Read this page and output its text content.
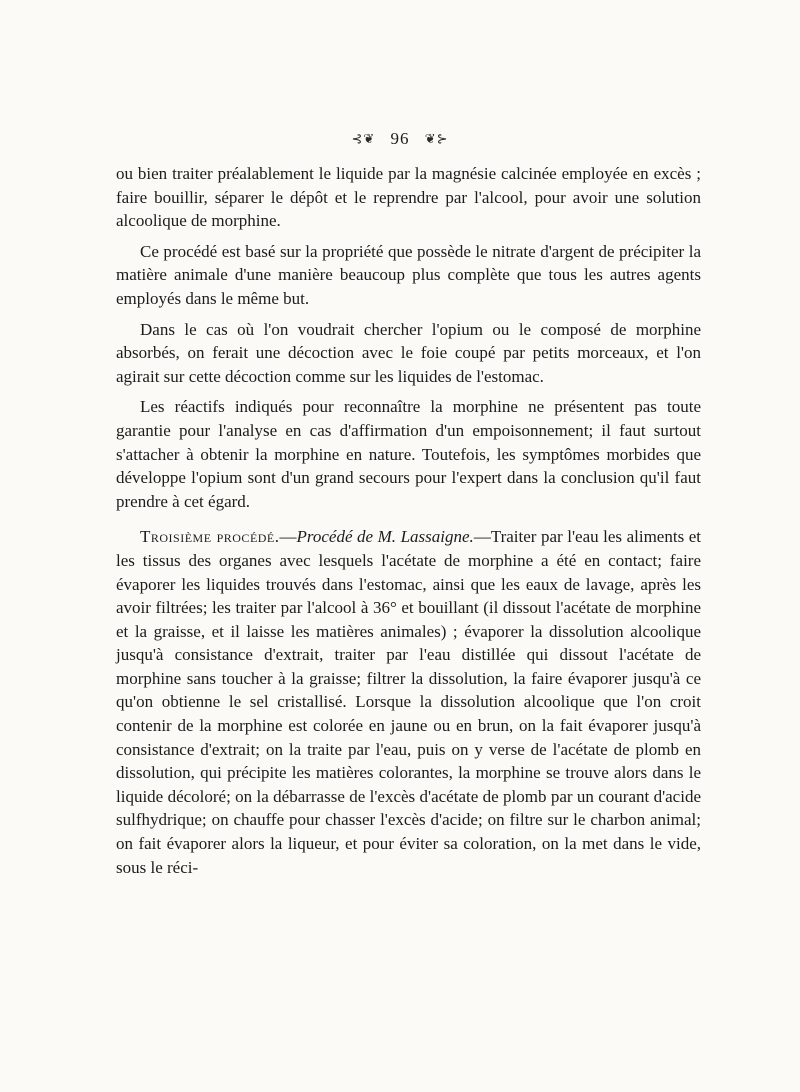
⊰❦ 96 ❦⊱

ou bien traiter préalablement le liquide par la magnésie calcinée employée en excès ; faire bouillir, séparer le dépôt et le reprendre par l'alcool, pour avoir une solution alcoolique de morphine.

Ce procédé est basé sur la propriété que possède le nitrate d'argent de précipiter la matière animale d'une manière beaucoup plus complète que tous les autres agents employés dans le même but.

Dans le cas où l'on voudrait chercher l'opium ou le composé de morphine absorbés, on ferait une décoction avec le foie coupé par petits morceaux, et l'on agirait sur cette décoction comme sur les liquides de l'estomac.

Les réactifs indiqués pour reconnaître la morphine ne présentent pas toute garantie pour l'analyse en cas d'affirmation d'un empoisonnement; il faut surtout s'attacher à obtenir la morphine en nature. Toutefois, les symptômes morbides que développe l'opium sont d'un grand secours pour l'expert dans la conclusion qu'il faut prendre à cet égard.

Troisième procédé.—Procédé de M. Lassaigne.—Traiter par l'eau les aliments et les tissus des organes avec lesquels l'acétate de morphine a été en contact; faire évaporer les liquides trouvés dans l'estomac, ainsi que les eaux de lavage, après les avoir filtrées; les traiter par l'alcool à 36° et bouillant (il dissout l'acétate de morphine et la graisse, et il laisse les matières animales) ; évaporer la dissolution alcoolique jusqu'à consistance d'extrait, traiter par l'eau distillée qui dissout l'acétate de morphine sans toucher à la graisse; filtrer la dissolution, la faire évaporer jusqu'à ce qu'on obtienne le sel cristallisé. Lorsque la dissolution alcoolique que l'on croit contenir de la morphine est colorée en jaune ou en brun, on la fait évaporer jusqu'à consistance d'extrait; on la traite par l'eau, puis on y verse de l'acétate de plomb en dissolution, qui précipite les matières colorantes, la morphine se trouve alors dans le liquide décoloré; on la débarrasse de l'excès d'acétate de plomb par un courant d'acide sulfhydrique; on chauffe pour chasser l'excès d'acide; on filtre sur le charbon animal; on fait évaporer alors la liqueur, et pour éviter sa coloration, on la met dans le vide, sous le réci-
